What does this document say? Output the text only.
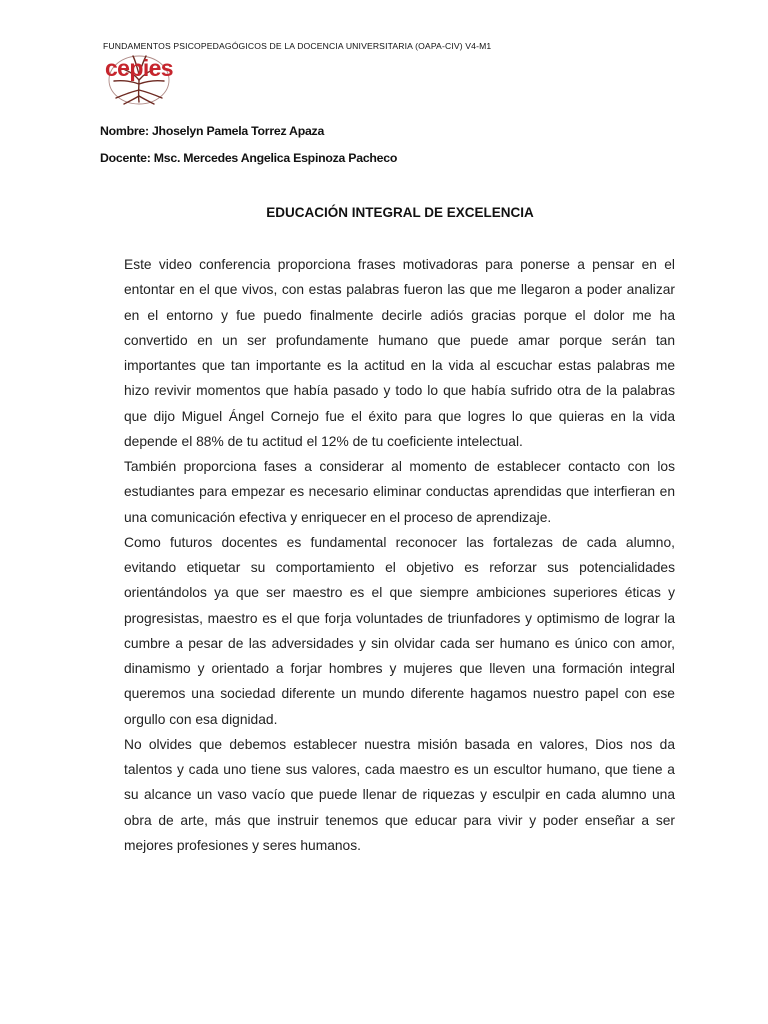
FUNDAMENTOS PSICOPEDAGÓGICOS DE LA DOCENCIA UNIVERSITARIA (OAPA-CIV) V4-M1
cepies
Nombre: Jhoselyn Pamela Torrez Apaza
Docente: Msc. Mercedes Angelica Espinoza Pacheco
EDUCACIÓN INTEGRAL DE EXCELENCIA

Este video conferencia proporciona frases motivadoras para ponerse a pensar en el entontar en el que vivos, con estas palabras fueron las que me llegaron a poder analizar en el entorno y fue puedo finalmente decirle adiós gracias porque el dolor me ha convertido en un ser profundamente humano que puede amar porque serán tan importantes que tan importante es la actitud en la vida al escuchar estas palabras me hizo revivir momentos que había pasado y todo lo que había sufrido otra de la palabras que dijo Miguel Ángel Cornejo fue el éxito para que logres lo que quieras en la vida depende el 88% de tu actitud el 12% de tu coeficiente intelectual.

También proporciona fases a considerar al momento de establecer contacto con los estudiantes para empezar es necesario eliminar conductas aprendidas que interfieran en una comunicación efectiva y enriquecer en el proceso de aprendizaje.

Como futuros docentes es fundamental reconocer las fortalezas de cada alumno, evitando etiquetar su comportamiento el objetivo es reforzar sus potencialidades orientándolos ya que ser maestro es el que siempre ambiciones superiores éticas y progresistas, maestro es el que forja voluntades de triunfadores y optimismo de lograr la cumbre a pesar de las adversidades y sin olvidar cada ser humano es único con amor, dinamismo y orientado a forjar hombres y mujeres que lleven una formación integral queremos una sociedad diferente un mundo diferente hagamos nuestro papel con ese orgullo con esa dignidad.

No olvides que debemos establecer nuestra misión basada en valores, Dios nos da talentos y cada uno tiene sus valores, cada maestro es un escultor humano, que tiene a su alcance un vaso vacío que puede llenar de riquezas y esculpir en cada alumno una obra de arte, más que instruir tenemos que educar para vivir y poder enseñar a ser mejores profesiones y seres humanos.
